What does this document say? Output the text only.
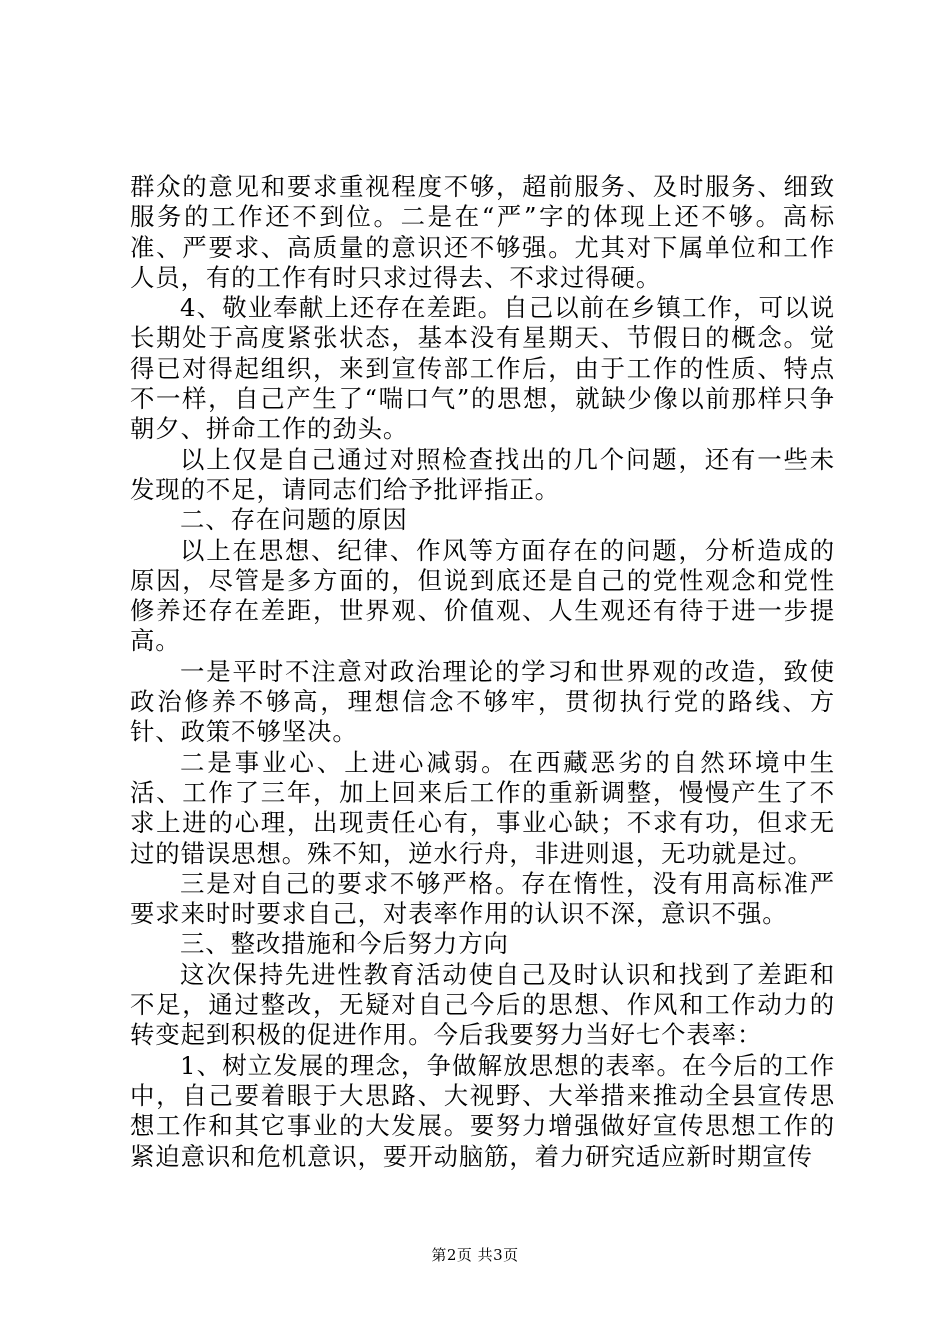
群众的意见和要求重视程度不够，超前服务、及时服务、细致服务的工作还不到位。二是在“严”字的体现上还不够。高标准、严要求、高质量的意识还不够强。尤其对下属单位和工作人员，有的工作有时只求过得去、不求过得硬。

4、敬业奉献上还存在差距。自己以前在乡镇工作，可以说长期处于高度紧张状态，基本没有星期天、节假日的概念。觉得已对得起组织，来到宣传部工作后，由于工作的性质、特点不一样，自己产生了“喘口气”的思想，就缺少像以前那样只争朝夕、拼命工作的劲头。

以上仅是自己通过对照检查找出的几个问题，还有一些未发现的不足，请同志们给予批评指正。

二、存在问题的原因

以上在思想、纪律、作风等方面存在的问题，分析造成的原因，尽管是多方面的，但说到底还是自己的党性观念和党性修养还存在差距，世界观、价值观、人生观还有待于进一步提高。

一是平时不注意对政治理论的学习和世界观的改造，致使政治修养不够高，理想信念不够牢，贯彻执行党的路线、方针、政策不够坚决。

二是事业心、上进心减弱。在西藏恶劣的自然环境中生活、工作了三年，加上回来后工作的重新调整，慢慢产生了不求上进的心理，出现责任心有，事业心缺；不求有功，但求无过的错误思想。殊不知，逆水行舟，非进则退，无功就是过。

三是对自己的要求不够严格。存在惰性，没有用高标准严要求来时时要求自己，对表率作用的认识不深，意识不强。

三、整改措施和今后努力方向

这次保持先进性教育活动使自己及时认识和找到了差距和不足，通过整改，无疑对自己今后的思想、作风和工作动力的转变起到积极的促进作用。今后我要努力当好七个表率：

1、树立发展的理念，争做解放思想的表率。在今后的工作中，自己要着眼于大思路、大视野、大举措来推动全县宣传思想工作和其它事业的大发展。要努力增强做好宣传思想工作的紧迫意识和危机意识，要开动脑筋，着力研究适应新时期宣传

第2页 共3页
